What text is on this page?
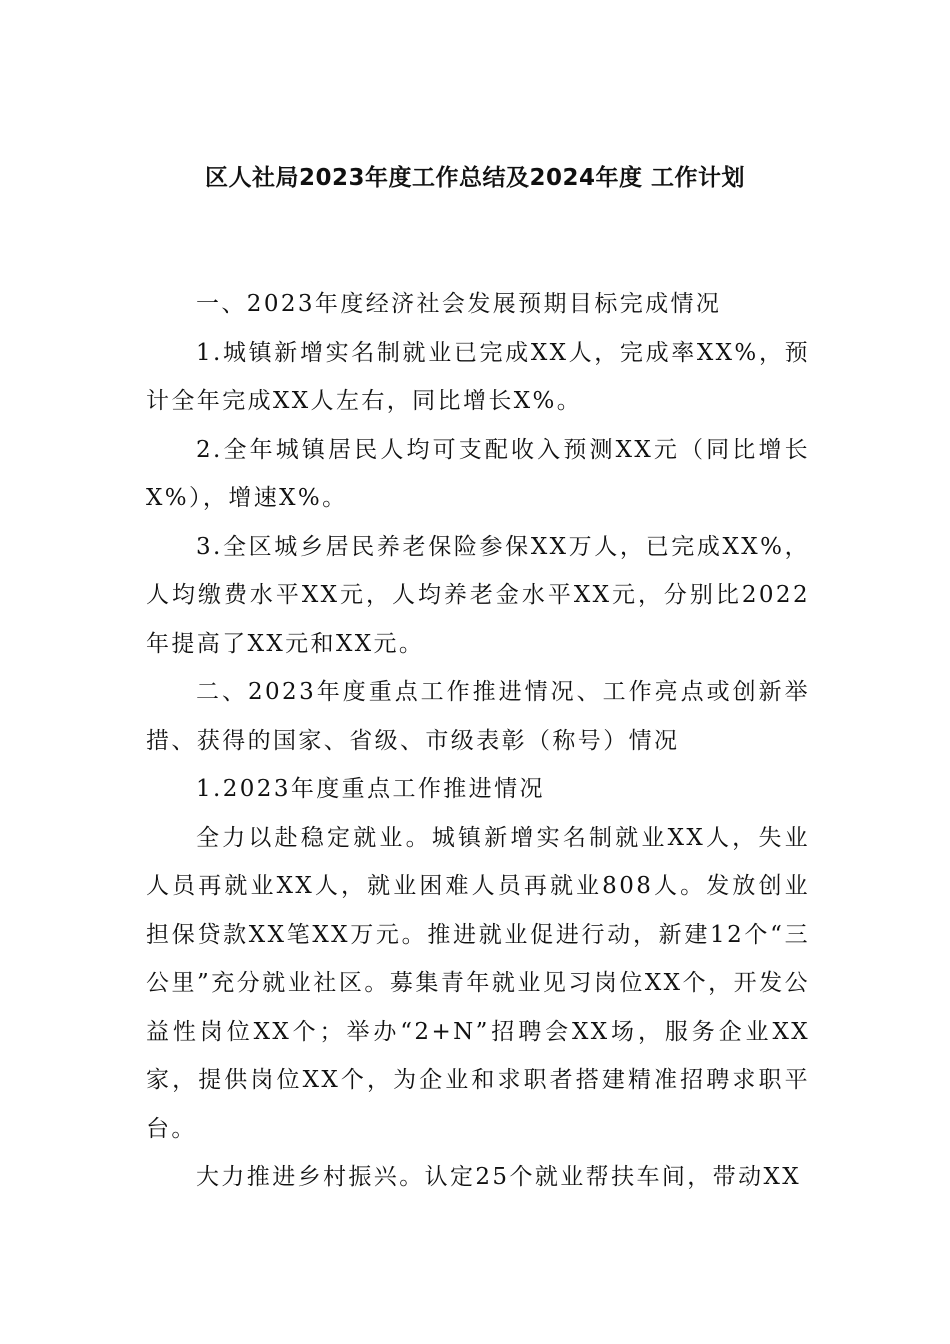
区人社局2023年度工作总结及2024年度 工作计划

一、2023年度经济社会发展预期目标完成情况

1.城镇新增实名制就业已完成XX人，完成率XX%，预计全年完成XX人左右，同比增长X%。

2.全年城镇居民人均可支配收入预测XX元（同比增长X%），增速X%。

3.全区城乡居民养老保险参保XX万人，已完成XX%，人均缴费水平XX元，人均养老金水平XX元，分别比2022年提高了XX元和XX元。

二、2023年度重点工作推进情况、工作亮点或创新举措、获得的国家、省级、市级表彰（称号）情况

1.2023年度重点工作推进情况

全力以赴稳定就业。城镇新增实名制就业XX人，失业人员再就业XX人，就业困难人员再就业808人。发放创业担保贷款XX笔XX万元。推进就业促进行动，新建12个“三公里”充分就业社区。募集青年就业见习岗位XX个，开发公益性岗位XX个；举办“2+N”招聘会XX场，服务企业XX家，提供岗位XX个，为企业和求职者搭建精准招聘求职平台。

大力推进乡村振兴。认定25个就业帮扶车间，带动XX
